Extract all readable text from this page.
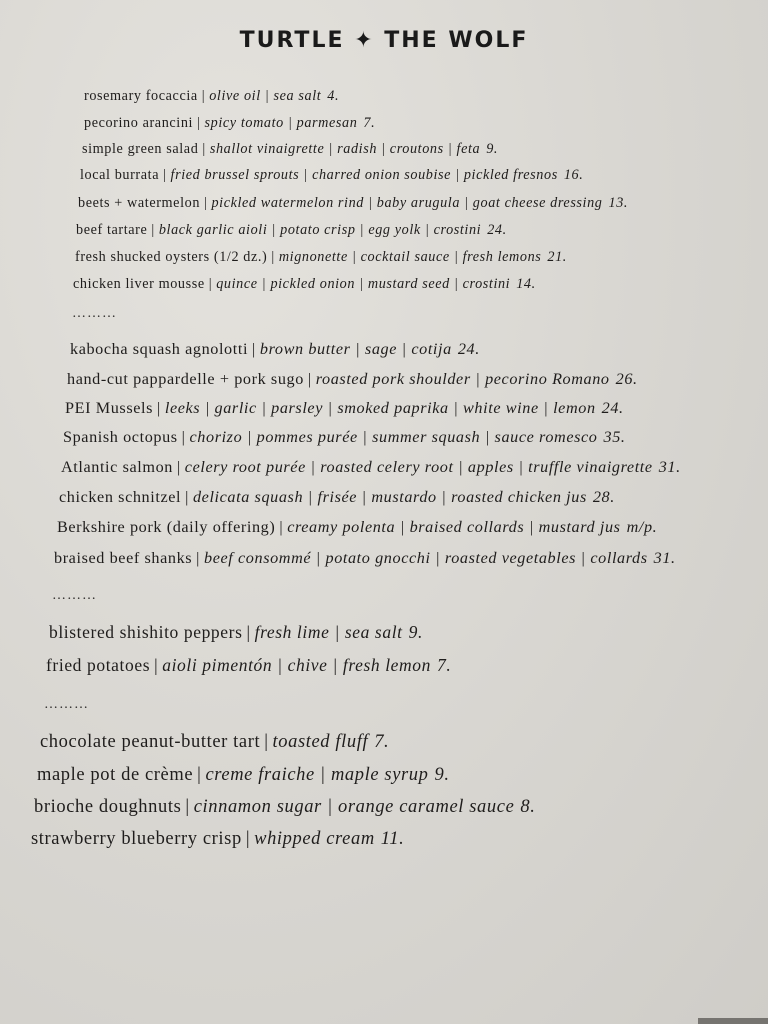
TURTLE ✦ THE WOLF
rosemary focaccia | olive oil | sea salt 4.
pecorino arancini | spicy tomato | parmesan 7.
simple green salad | shallot vinaigrette | radish | croutons | feta 9.
local burrata | fried brussel sprouts | charred onion soubise | pickled fresnos 16.
beets + watermelon | pickled watermelon rind | baby arugula | goat cheese dressing 13.
beef tartare | black garlic aioli | potato crisp | egg yolk | crostini 24.
fresh shucked oysters (1/2 dz.) | mignonette | cocktail sauce | fresh lemons 21.
chicken liver mousse | quince | pickled onion | mustard seed | crostini 14.
………
kabocha squash agnolotti | brown butter | sage | cotija 24.
hand-cut pappardelle + pork sugo | roasted pork shoulder | pecorino Romano 26.
PEI Mussels | leeks | garlic | parsley | smoked paprika | white wine | lemon 24.
Spanish octopus | chorizo | pommes purée | summer squash | sauce romesco 35.
Atlantic salmon | celery root purée | roasted celery root | apples | truffle vinaigrette 31.
chicken schnitzel | delicata squash | frisée | mustardo | roasted chicken jus 28.
Berkshire pork (daily offering) | creamy polenta | braised collards | mustard jus m/p.
braised beef shanks | beef consommé | potato gnocchi | roasted vegetables | collards 31.
………
blistered shishito peppers | fresh lime | sea salt 9.
fried potatoes | aioli pimentón | chive | fresh lemon 7.
………
chocolate peanut-butter tart | toasted fluff 7.
maple pot de crème | creme fraiche | maple syrup 9.
brioche doughnuts | cinnamon sugar | orange caramel sauce 8.
strawberry blueberry crisp | whipped cream 11.
